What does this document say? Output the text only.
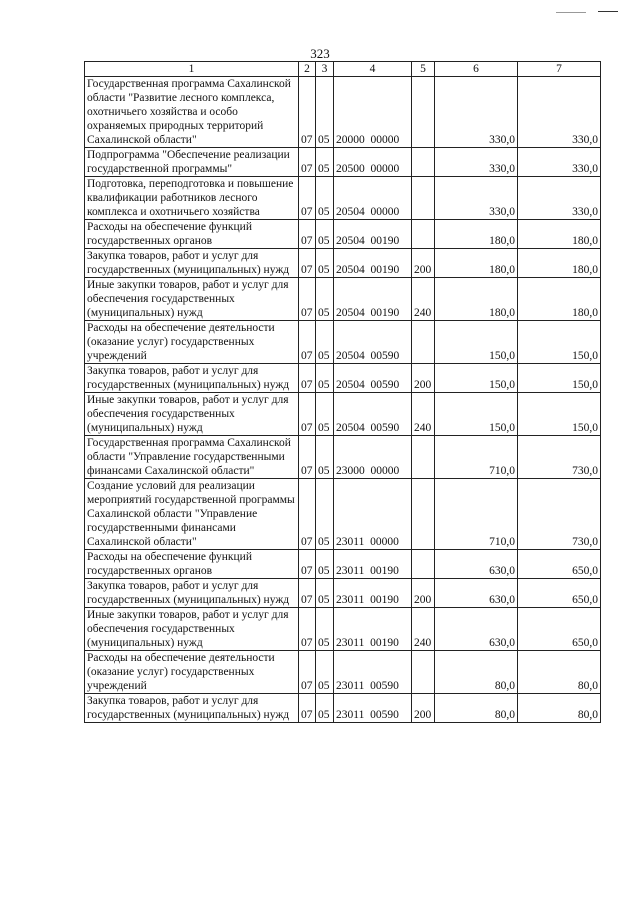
323
1	2	3	4	5	6	7
Государственная программа Сахалинской области "Развитие лесного комплекса, охотничьего хозяйства и особо охраняемых природных территорий Сахалинской области"	07	05	20000  00000		330,0	330,0
Подпрограмма "Обеспечение реализации государственной программы"	07	05	20500  00000		330,0	330,0
Подготовка, переподготовка и повышение квалификации работников лесного комплекса и охотничьего хозяйства	07	05	20504  00000		330,0	330,0
Расходы на обеспечение функций государственных органов	07	05	20504  00190		180,0	180,0
Закупка товаров, работ и услуг для государственных (муниципальных) нужд	07	05	20504  00190	200	180,0	180,0
Иные закупки товаров, работ и услуг для обеспечения государственных (муниципальных) нужд	07	05	20504  00190	240	180,0	180,0
Расходы на обеспечение деятельности (оказание услуг) государственных учреждений	07	05	20504  00590		150,0	150,0
Закупка товаров, работ и услуг для государственных (муниципальных) нужд	07	05	20504  00590	200	150,0	150,0
Иные закупки товаров, работ и услуг для обеспечения государственных (муниципальных) нужд	07	05	20504  00590	240	150,0	150,0
Государственная программа Сахалинской области "Управление государственными финансами Сахалинской области"	07	05	23000  00000		710,0	730,0
Создание условий для реализации мероприятий государственной программы Сахалинской области "Управление государственными финансами Сахалинской области"	07	05	23011  00000		710,0	730,0
Расходы на обеспечение функций государственных органов	07	05	23011  00190		630,0	650,0
Закупка товаров, работ и услуг для государственных (муниципальных) нужд	07	05	23011  00190	200	630,0	650,0
Иные закупки товаров, работ и услуг для обеспечения государственных (муниципальных) нужд	07	05	23011  00190	240	630,0	650,0
Расходы на обеспечение деятельности (оказание услуг) государственных учреждений	07	05	23011  00590		80,0	80,0
Закупка товаров, работ и услуг для государственных (муниципальных) нужд	07	05	23011  00590	200	80,0	80,0
